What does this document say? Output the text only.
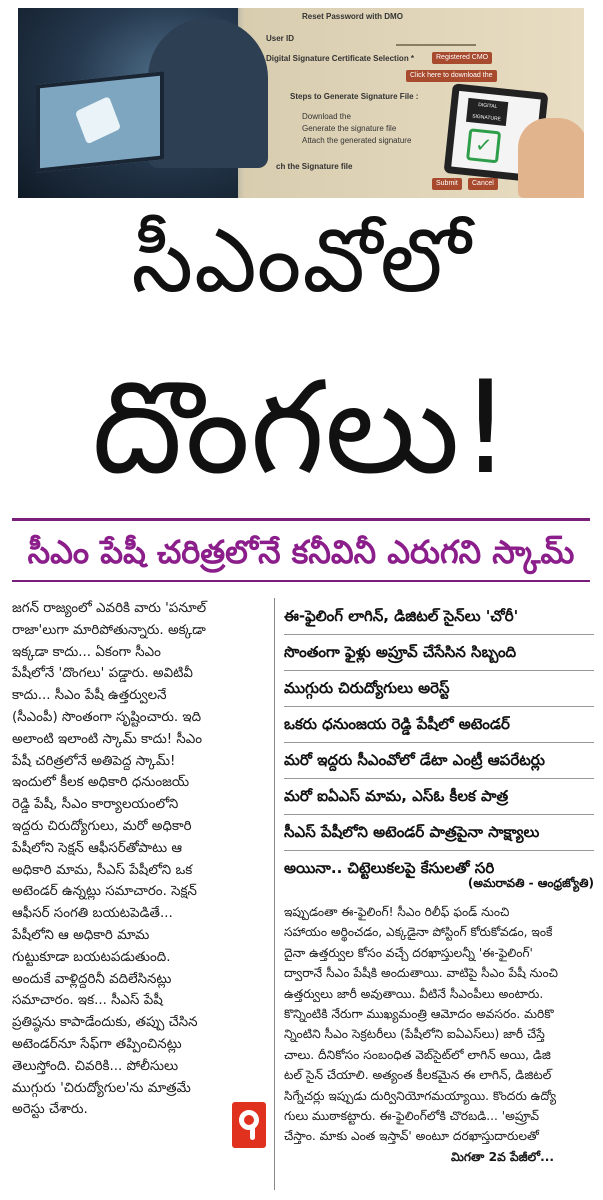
Reset Password with DMO
User ID
Digital Signature Certificate Selection *	Registered CMO
Click here to download the
Steps to Generate Signature File :
Download the
Generate the signature file
Attach the generated signature
ch the Signature file
Submit	Cancel
DIGITAL SIGNATURE
✓
సీఎంవోలో
దొంగలు!
సీఎం పేషీ చరిత్రలోనే కనీవినీ ఎరుగని స్కామ్

జగన్ రాజ్యంలో ఎవరికి వారు 'పనూల్

రాజా'లుగా మారిపోతున్నారు. అక్కడా

ఇక్కడా కాదు... ఏకంగా సీఎం

పేషీలోనే 'దొంగలు' పడ్డారు. అవిటివీ

కాదు... సీఎం పేషీ ఉత్తర్వులనే

(సీఎంపీ) సొంతంగా సృష్టించారు. ఇది

అలాంటి ఇలాంటి స్కామ్ కాదు! సీఎం

పేషీ చరిత్రలోనే అతిపెద్ద స్కామ్!

ఇందులో కీలక అధికారి ధనుంజయ్

రెడ్డి పేషీ, సీఎం కార్యాలయంలోని

ఇద్దరు చిరుద్యోగులు, మరో అధికారి

పేషీలోని సెక్షన్ ఆఫీసర్‌తోపాటు ఆ

అధికారి మామ, సీఎస్ పేషీలోని ఒక

అటెండర్ ఉన్నట్లు సమాచారం. సెక్షన్

ఆఫీసర్ సంగతి బయటపెడితే...

పేషీలోని ఆ అధికారి మామ

గుట్టుకూడా బయటపడుతుంది.

అందుకే వాళ్లిద్దరినీ వదిలేసినట్లు

సమాచారం. ఇక... సీఎస్ పేషీ

ప్రతిష్ఠను కాపాడేందుకు, తప్పు చేసిన

అటెండర్‌నూ సేఫ్‌గా తప్పించినట్లు

తెలుస్తోంది. చివరికి... పోలీసులు

ముగ్గురు 'చిరుద్యోగుల'ను మాత్రమే

అరెస్టు చేశారు.

ఈ-ఫైలింగ్ లాగిన్, డిజిటల్ సైన్‌లు 'చోరీ'
సొంతంగా ఫైళ్లు అప్రూవ్ చేసేసిన సిబ్బంది
ముగ్గురు చిరుద్యోగులు అరెస్ట్
ఒకరు ధనుంజయ రెడ్డి పేషీలో అటెండర్
మరో ఇద్దరు సీఎంవోలో డేటా ఎంట్రీ ఆపరేటర్లు
మరో ఐఏఎస్ మామ, ఎస్ఓ కీలక పాత్ర
సీఎస్ పేషీలోని అటెండర్ పాత్రపైనా సాక్ష్యాలు
అయినా.. చిట్టెలుకలపై కేసులతో సరి
(అమరావతి - ఆంధ్రజ్యోతి)

ఇప్పుడంతా ఈ-ఫైలింగ్! సీఎం రిలీఫ్ ఫండ్ నుంచి

సహాయం అర్థించడం, ఎక్కడైనా పోస్టింగ్ కోరుకోవడం, ఇంకే

దైనా ఉత్తర్వుల కోసం వచ్చే దరఖాస్తులన్నీ 'ఈ-ఫైలింగ్'

ద్వారానే సీఎం పేషీకి అందుతాయి. వాటిపై సీఎం పేషీ నుంచి

ఉత్తర్వులు జారీ అవుతాయి. వీటినే సీఎంపీలు అంటారు.

కొన్నింటికి నేరుగా ముఖ్యమంత్రి ఆమోదం అవసరం. మరికొ

న్నింటిని సీఎం సెక్రటరీలు (పేషీలోని ఐఏఎస్‌లు) జారీ చేస్తే

చాలు. దీనికోసం సంబంధిత వెబ్‌సైట్‌లో లాగిన్ అయి, డిజి

టల్ సైన్ చేయాలి. అత్యంత కీలకమైన ఈ లాగిన్, డిజిటల్

సిగ్నేచర్లు ఇప్పుడు దుర్వినియోగమయ్యాయి. కొందరు ఉద్యో

గులు ముఠాకట్టారు. ఈ-ఫైలింగ్‌లోకి చొరబడి... 'అప్రూవ్

చేస్తాం. మాకు ఎంత ఇస్తావ్' అంటూ దరఖాస్తుదారులతో

మిగతా 2వ పేజీలో...
